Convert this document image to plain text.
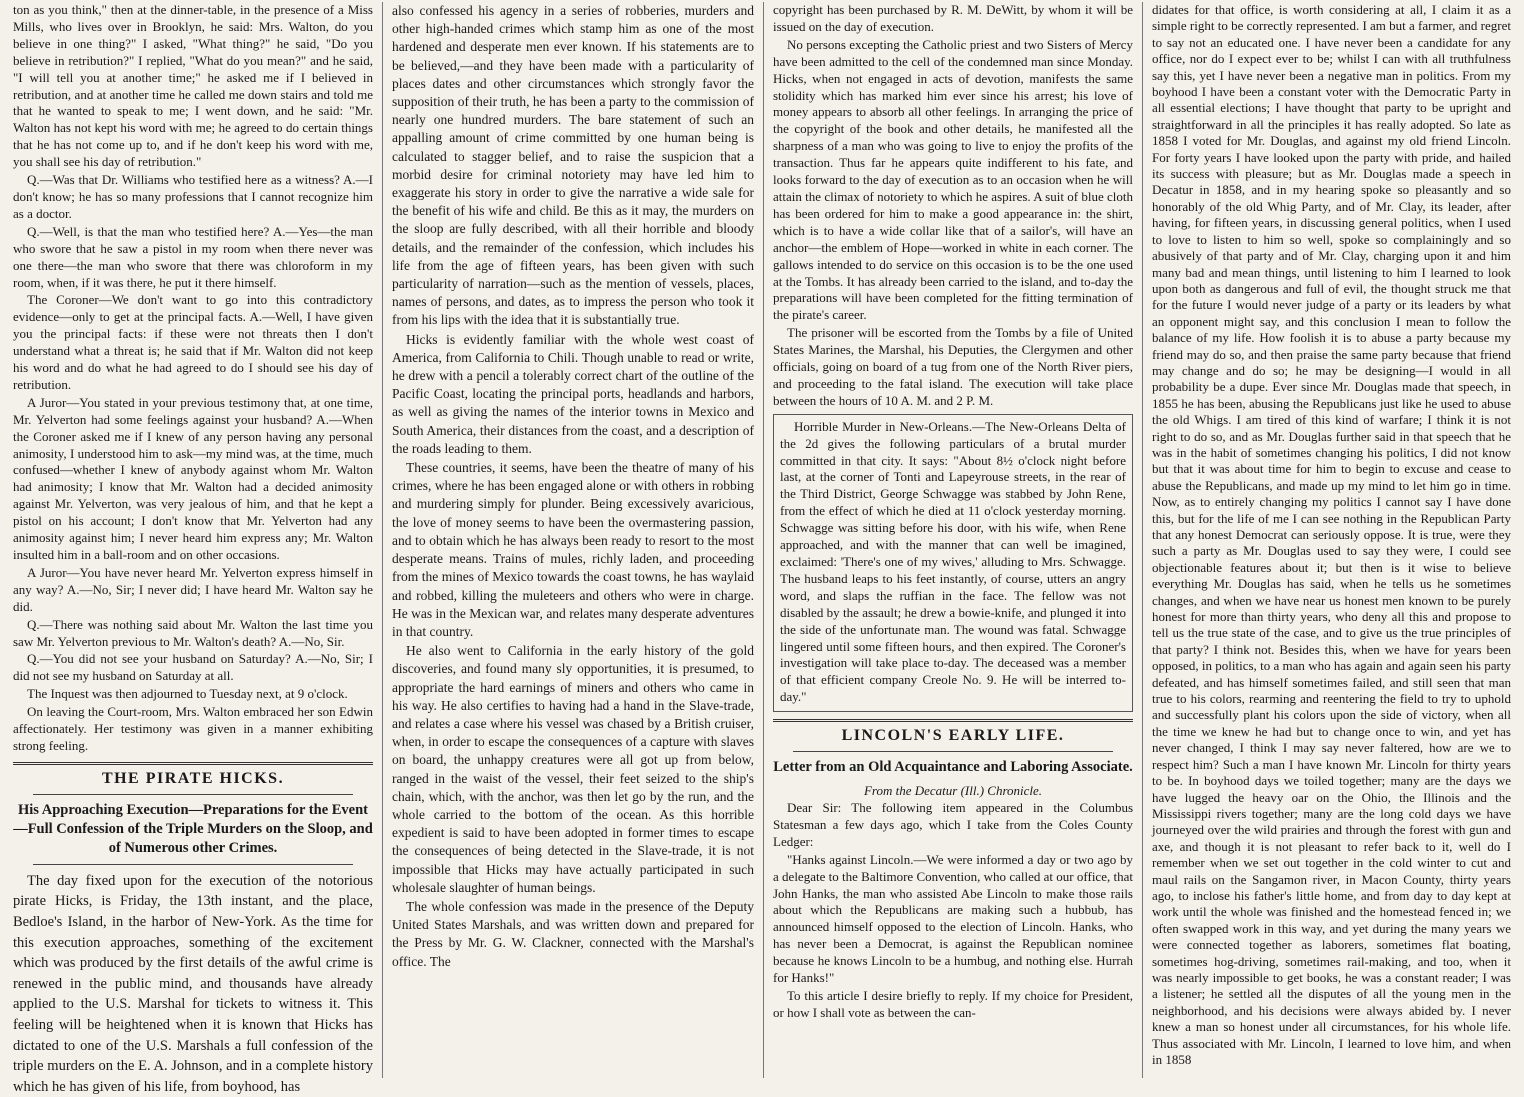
ton as you think," then at the dinner-table, in the presence of a Miss Mills, who lives over in Brooklyn, he said: Mrs. Walton, do you believe in one thing?" I asked, "What thing?" he said, "Do you believe in retribution?" I replied, "What do you mean?" and he said, "I will tell you at another time;" he asked me if I believed in retribution, and at another time he called me down stairs and told me that he wanted to speak to me; I went down, and he said: "Mr. Walton has not kept his word with me; he agreed to do certain things that he has not come up to, and if he don't keep his word with me, you shall see his day of retribution."

Q.—Was that Dr. Williams who testified here as a witness? A.—I don't know; he has so many professions that I cannot recognize him as a doctor.

Q.—Well, is that the man who testified here? A.—Yes—the man who swore that he saw a pistol in my room when there never was one there—the man who swore that there was chloroform in my room, when, if it was there, he put it there himself.

The Coroner—We don't want to go into this contradictory evidence—only to get at the principal facts. A.—Well, I have given you the principal facts: if these were not threats then I don't understand what a threat is; he said that if Mr. Walton did not keep his word and do what he had agreed to do I should see his day of retribution.

A Juror—You stated in your previous testimony that, at one time, Mr. Yelverton had some feelings against your husband? A.—When the Coroner asked me if I knew of any person having any personal animosity, I understood him to ask—my mind was, at the time, much confused—whether I knew of anybody against whom Mr. Walton had animosity; I know that Mr. Walton had a decided animosity against Mr. Yelverton, was very jealous of him, and that he kept a pistol on his account; I don't know that Mr. Yelverton had any animosity against him; I never heard him express any; Mr. Walton insulted him in a ball-room and on other occasions.

A Juror—You have never heard Mr. Yelverton express himself in any way? A.—No, Sir; I never did; I have heard Mr. Walton say he did.

Q.—There was nothing said about Mr. Walton the last time you saw Mr. Yelverton previous to Mr. Walton's death? A.—No, Sir.

Q.—You did not see your husband on Saturday? A.—No, Sir; I did not see my husband on Saturday at all.

The Inquest was then adjourned to Tuesday next, at 9 o'clock.

On leaving the Court-room, Mrs. Walton embraced her son Edwin affectionately. Her testimony was given in a manner exhibiting strong feeling.

THE PIRATE HICKS.
His Approaching Execution—Preparations for the Event—Full Confession of the Triple Murders on the Sloop, and of Numerous other Crimes.

The day fixed upon for the execution of the notorious pirate Hicks, is Friday, the 13th instant, and the place, Bedloe's Island, in the harbor of New-York. As the time for this execution approaches, something of the excitement which was produced by the first details of the awful crime is renewed in the public mind, and thousands have already applied to the U.S. Marshal for tickets to witness it. This feeling will be heightened when it is known that Hicks has dictated to one of the U.S. Marshals a full confession of the triple murders on the E. A. Johnson, and in a complete history which he has given of his life, from boyhood, has

also confessed his agency in a series of robberies, murders and other high-handed crimes which stamp him as one of the most hardened and desperate men ever known. If his statements are to be believed,—and they have been made with a particularity of places dates and other circumstances which strongly favor the supposition of their truth, he has been a party to the commission of nearly one hundred murders. The bare statement of such an appalling amount of crime committed by one human being is calculated to stagger belief, and to raise the suspicion that a morbid desire for criminal notoriety may have led him to exaggerate his story in order to give the narrative a wide sale for the benefit of his wife and child. Be this as it may, the murders on the sloop are fully described, with all their horrible and bloody details, and the remainder of the confession, which includes his life from the age of fifteen years, has been given with such particularity of narration—such as the mention of vessels, places, names of persons, and dates, as to impress the person who took it from his lips with the idea that it is substantially true.

Hicks is evidently familiar with the whole west coast of America, from California to Chili. Though unable to read or write, he drew with a pencil a tolerably correct chart of the outline of the Pacific Coast, locating the principal ports, headlands and harbors, as well as giving the names of the interior towns in Mexico and South America, their distances from the coast, and a description of the roads leading to them.

These countries, it seems, have been the theatre of many of his crimes, where he has been engaged alone or with others in robbing and murdering simply for plunder. Being excessively avaricious, the love of money seems to have been the overmastering passion, and to obtain which he has always been ready to resort to the most desperate means. Trains of mules, richly laden, and proceeding from the mines of Mexico towards the coast towns, he has waylaid and robbed, killing the muleteers and others who were in charge. He was in the Mexican war, and relates many desperate adventures in that country.

He also went to California in the early history of the gold discoveries, and found many sly opportunities, it is presumed, to appropriate the hard earnings of miners and others who came in his way. He also certifies to having had a hand in the Slave-trade, and relates a case where his vessel was chased by a British cruiser, when, in order to escape the consequences of a capture with slaves on board, the unhappy creatures were all got up from below, ranged in the waist of the vessel, their feet seized to the ship's chain, which, with the anchor, was then let go by the run, and the whole carried to the bottom of the ocean. As this horrible expedient is said to have been adopted in former times to escape the consequences of being detected in the Slave-trade, it is not impossible that Hicks may have actually participated in such wholesale slaughter of human beings.

The whole confession was made in the presence of the Deputy United States Marshals, and was written down and prepared for the Press by Mr. G. W. Clackner, connected with the Marshal's office. The

copyright has been purchased by R. M. DeWitt, by whom it will be issued on the day of execution.

No persons excepting the Catholic priest and two Sisters of Mercy have been admitted to the cell of the condemned man since Monday. Hicks, when not engaged in acts of devotion, manifests the same stolidity which has marked him ever since his arrest; his love of money appears to absorb all other feelings. In arranging the price of the copyright of the book and other details, he manifested all the sharpness of a man who was going to live to enjoy the profits of the transaction. Thus far he appears quite indifferent to his fate, and looks forward to the day of execution as to an occasion when he will attain the climax of notoriety to which he aspires. A suit of blue cloth has been ordered for him to make a good appearance in: the shirt, which is to have a wide collar like that of a sailor's, will have an anchor—the emblem of Hope—worked in white in each corner. The gallows intended to do service on this occasion is to be the one used at the Tombs. It has already been carried to the island, and to-day the preparations will have been completed for the fitting termination of the pirate's career.

The prisoner will be escorted from the Tombs by a file of United States Marines, the Marshal, his Deputies, the Clergymen and other officials, going on board of a tug from one of the North River piers, and proceeding to the fatal island. The execution will take place between the hours of 10 A. M. and 2 P. M.

Horrible Murder in New-Orleans.—The New-Orleans Delta of the 2d gives the following particulars of a brutal murder committed in that city. It says: "About 8½ o'clock night before last, at the corner of Tonti and Lapeyrouse streets, in the rear of the Third District, George Schwagge was stabbed by John Rene, from the effect of which he died at 11 o'clock yesterday morning. Schwagge was sitting before his door, with his wife, when Rene approached, and with the manner that can well be imagined, exclaimed: 'There's one of my wives,' alluding to Mrs. Schwagge. The husband leaps to his feet instantly, of course, utters an angry word, and slaps the ruffian in the face. The fellow was not disabled by the assault; he drew a bowie-knife, and plunged it into the side of the unfortunate man. The wound was fatal. Schwagge lingered until some fifteen hours, and then expired. The Coroner's investigation will take place to-day. The deceased was a member of that efficient company Creole No. 9. He will be interred to-day."

LINCOLN'S EARLY LIFE.
Letter from an Old Acquaintance and Laboring Associate.
From the Decatur (Ill.) Chronicle.

Dear Sir: The following item appeared in the Columbus Statesman a few days ago, which I take from the Coles County Ledger:

"Hanks against Lincoln.—We were informed a day or two ago by a delegate to the Baltimore Convention, who called at our office, that John Hanks, the man who assisted Abe Lincoln to make those rails about which the Republicans are making such a hubbub, has announced himself opposed to the election of Lincoln. Hanks, who has never been a Democrat, is against the Republican nominee because he knows Lincoln to be a humbug, and nothing else. Hurrah for Hanks!"

To this article I desire briefly to reply. If my choice for President, or how I shall vote as between the can-

didates for that office, is worth considering at all, I claim it as a simple right to be correctly represented. I am but a farmer, and regret to say not an educated one. I have never been a candidate for any office, nor do I expect ever to be; whilst I can with all truthfulness say this, yet I have never been a negative man in politics. From my boyhood I have been a constant voter with the Democratic Party in all essential elections; I have thought that party to be upright and straightforward in all the principles it has really adopted. So late as 1858 I voted for Mr. Douglas, and against my old friend Lincoln. For forty years I have looked upon the party with pride, and hailed its success with pleasure; but as Mr. Douglas made a speech in Decatur in 1858, and in my hearing spoke so pleasantly and so honorably of the old Whig Party, and of Mr. Clay, its leader, after having, for fifteen years, in discussing general politics, when I used to love to listen to him so well, spoke so complainingly and so abusively of that party and of Mr. Clay, charging upon it and him many bad and mean things, until listening to him I learned to look upon both as dangerous and full of evil, the thought struck me that for the future I would never judge of a party or its leaders by what an opponent might say, and this conclusion I mean to follow the balance of my life. How foolish it is to abuse a party because my friend may do so, and then praise the same party because that friend may change and do so; he may be designing—I would in all probability be a dupe. Ever since Mr. Douglas made that speech, in 1855 he has been, abusing the Republicans just like he used to abuse the old Whigs. I am tired of this kind of warfare; I think it is not right to do so, and as Mr. Douglas further said in that speech that he was in the habit of sometimes changing his politics, I did not know but that it was about time for him to begin to excuse and cease to abuse the Republicans, and made up my mind to let him go in time. Now, as to entirely changing my politics I cannot say I have done this, but for the life of me I can see nothing in the Republican Party that any honest Democrat can seriously oppose. It is true, were they such a party as Mr. Douglas used to say they were, I could see objectionable features about it; but then is it wise to believe everything Mr. Douglas has said, when he tells us he sometimes changes, and when we have near us honest men known to be purely honest for more than thirty years, who deny all this and propose to tell us the true state of the case, and to give us the true principles of that party? I think not. Besides this, when we have for years been opposed, in politics, to a man who has again and again seen his party defeated, and has himself sometimes failed, and still seen that man true to his colors, rearming and reentering the field to try to uphold and successfully plant his colors upon the side of victory, when all the time we knew he had but to change once to win, and yet has never changed, I think I may say never faltered, how are we to respect him? Such a man I have known Mr. Lincoln for thirty years to be. In boyhood days we toiled together; many are the days we have lugged the heavy oar on the Ohio, the Illinois and the Mississippi rivers together; many are the long cold days we have journeyed over the wild prairies and through the forest with gun and axe, and though it is not pleasant to refer back to it, well do I remember when we set out together in the cold winter to cut and maul rails on the Sangamon river, in Macon County, thirty years ago, to inclose his father's little home, and from day to day kept at work until the whole was finished and the homestead fenced in; we often swapped work in this way, and yet during the many years we were connected together as laborers, sometimes flat boating, sometimes hog-driving, sometimes rail-making, and too, when it was nearly impossible to get books, he was a constant reader; I was a listener; he settled all the disputes of all the young men in the neighborhood, and his decisions were always abided by. I never knew a man so honest under all circumstances, for his whole life. Thus associated with Mr. Lincoln, I learned to love him, and when in 1858
